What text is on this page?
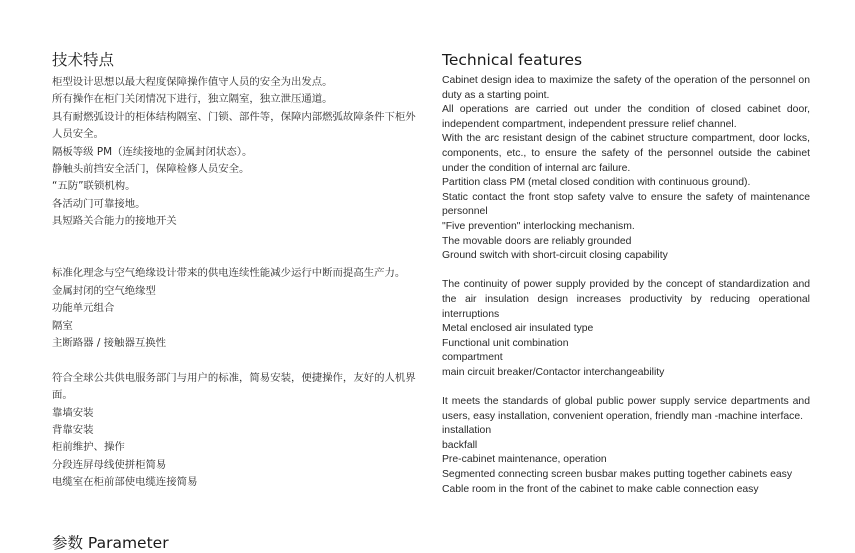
技术特点
柜型设计思想以最大程度保障操作值守人员的安全为出发点。
所有操作在柜门关闭情况下进行，独立隔室，独立泄压通道。
具有耐燃弧设计的柜体结构隔室、门锁、部件等，保障内部燃弧故障条件下柜外人员安全。
隔板等级 PM（连续接地的金属封闭状态）。
静触头前挡安全活门，保障检修人员安全。
“五防”联锁机构。
各活动门可靠接地。
具短路关合能力的接地开关
标准化理念与空气绝缘设计带来的供电连续性能减少运行中断而提高生产力。
金属封闭的空气绝缘型
功能单元组合
隔室
主断路器 / 接触器互换性
符合全球公共供电服务部门与用户的标准，简易安装，便捷操作，友好的人机界面。
靠墙安装
背靠安装
柜前维护、操作
分段连屏母线使拼柜简易
电缆室在柜前部使电缆连接简易
Technical features
Cabinet design idea to maximize the safety of the operation of the personnel on duty as a starting point.
All operations are carried out under the condition of closed cabinet door, independent compartment, independent pressure relief channel.
With the arc resistant design of the cabinet structure compartment, door locks, components, etc., to ensure the safety of the personnel outside the cabinet under the condition of internal arc failure.
Partition class PM (metal closed condition with continuous ground).
Static contact the front stop safety valve to ensure the safety of maintenance personnel
"Five prevention" interlocking mechanism.
The movable doors are reliably grounded
Ground switch with short-circuit closing capability
The continuity of power supply provided by the concept of standardization and the air insulation design increases productivity by reducing operational interruptions
Metal enclosed air insulated type
Functional unit combination
compartment
main circuit breaker/Contactor interchangeability
It meets the standards of global public power supply service departments and users, easy installation, convenient operation, friendly man -machine interface.
installation
backfall
Pre-cabinet maintenance, operation
Segmented connecting screen busbar makes putting together cabinets easy
Cable room in the front of the cabinet to make cable connection easy
参数 Parameter
